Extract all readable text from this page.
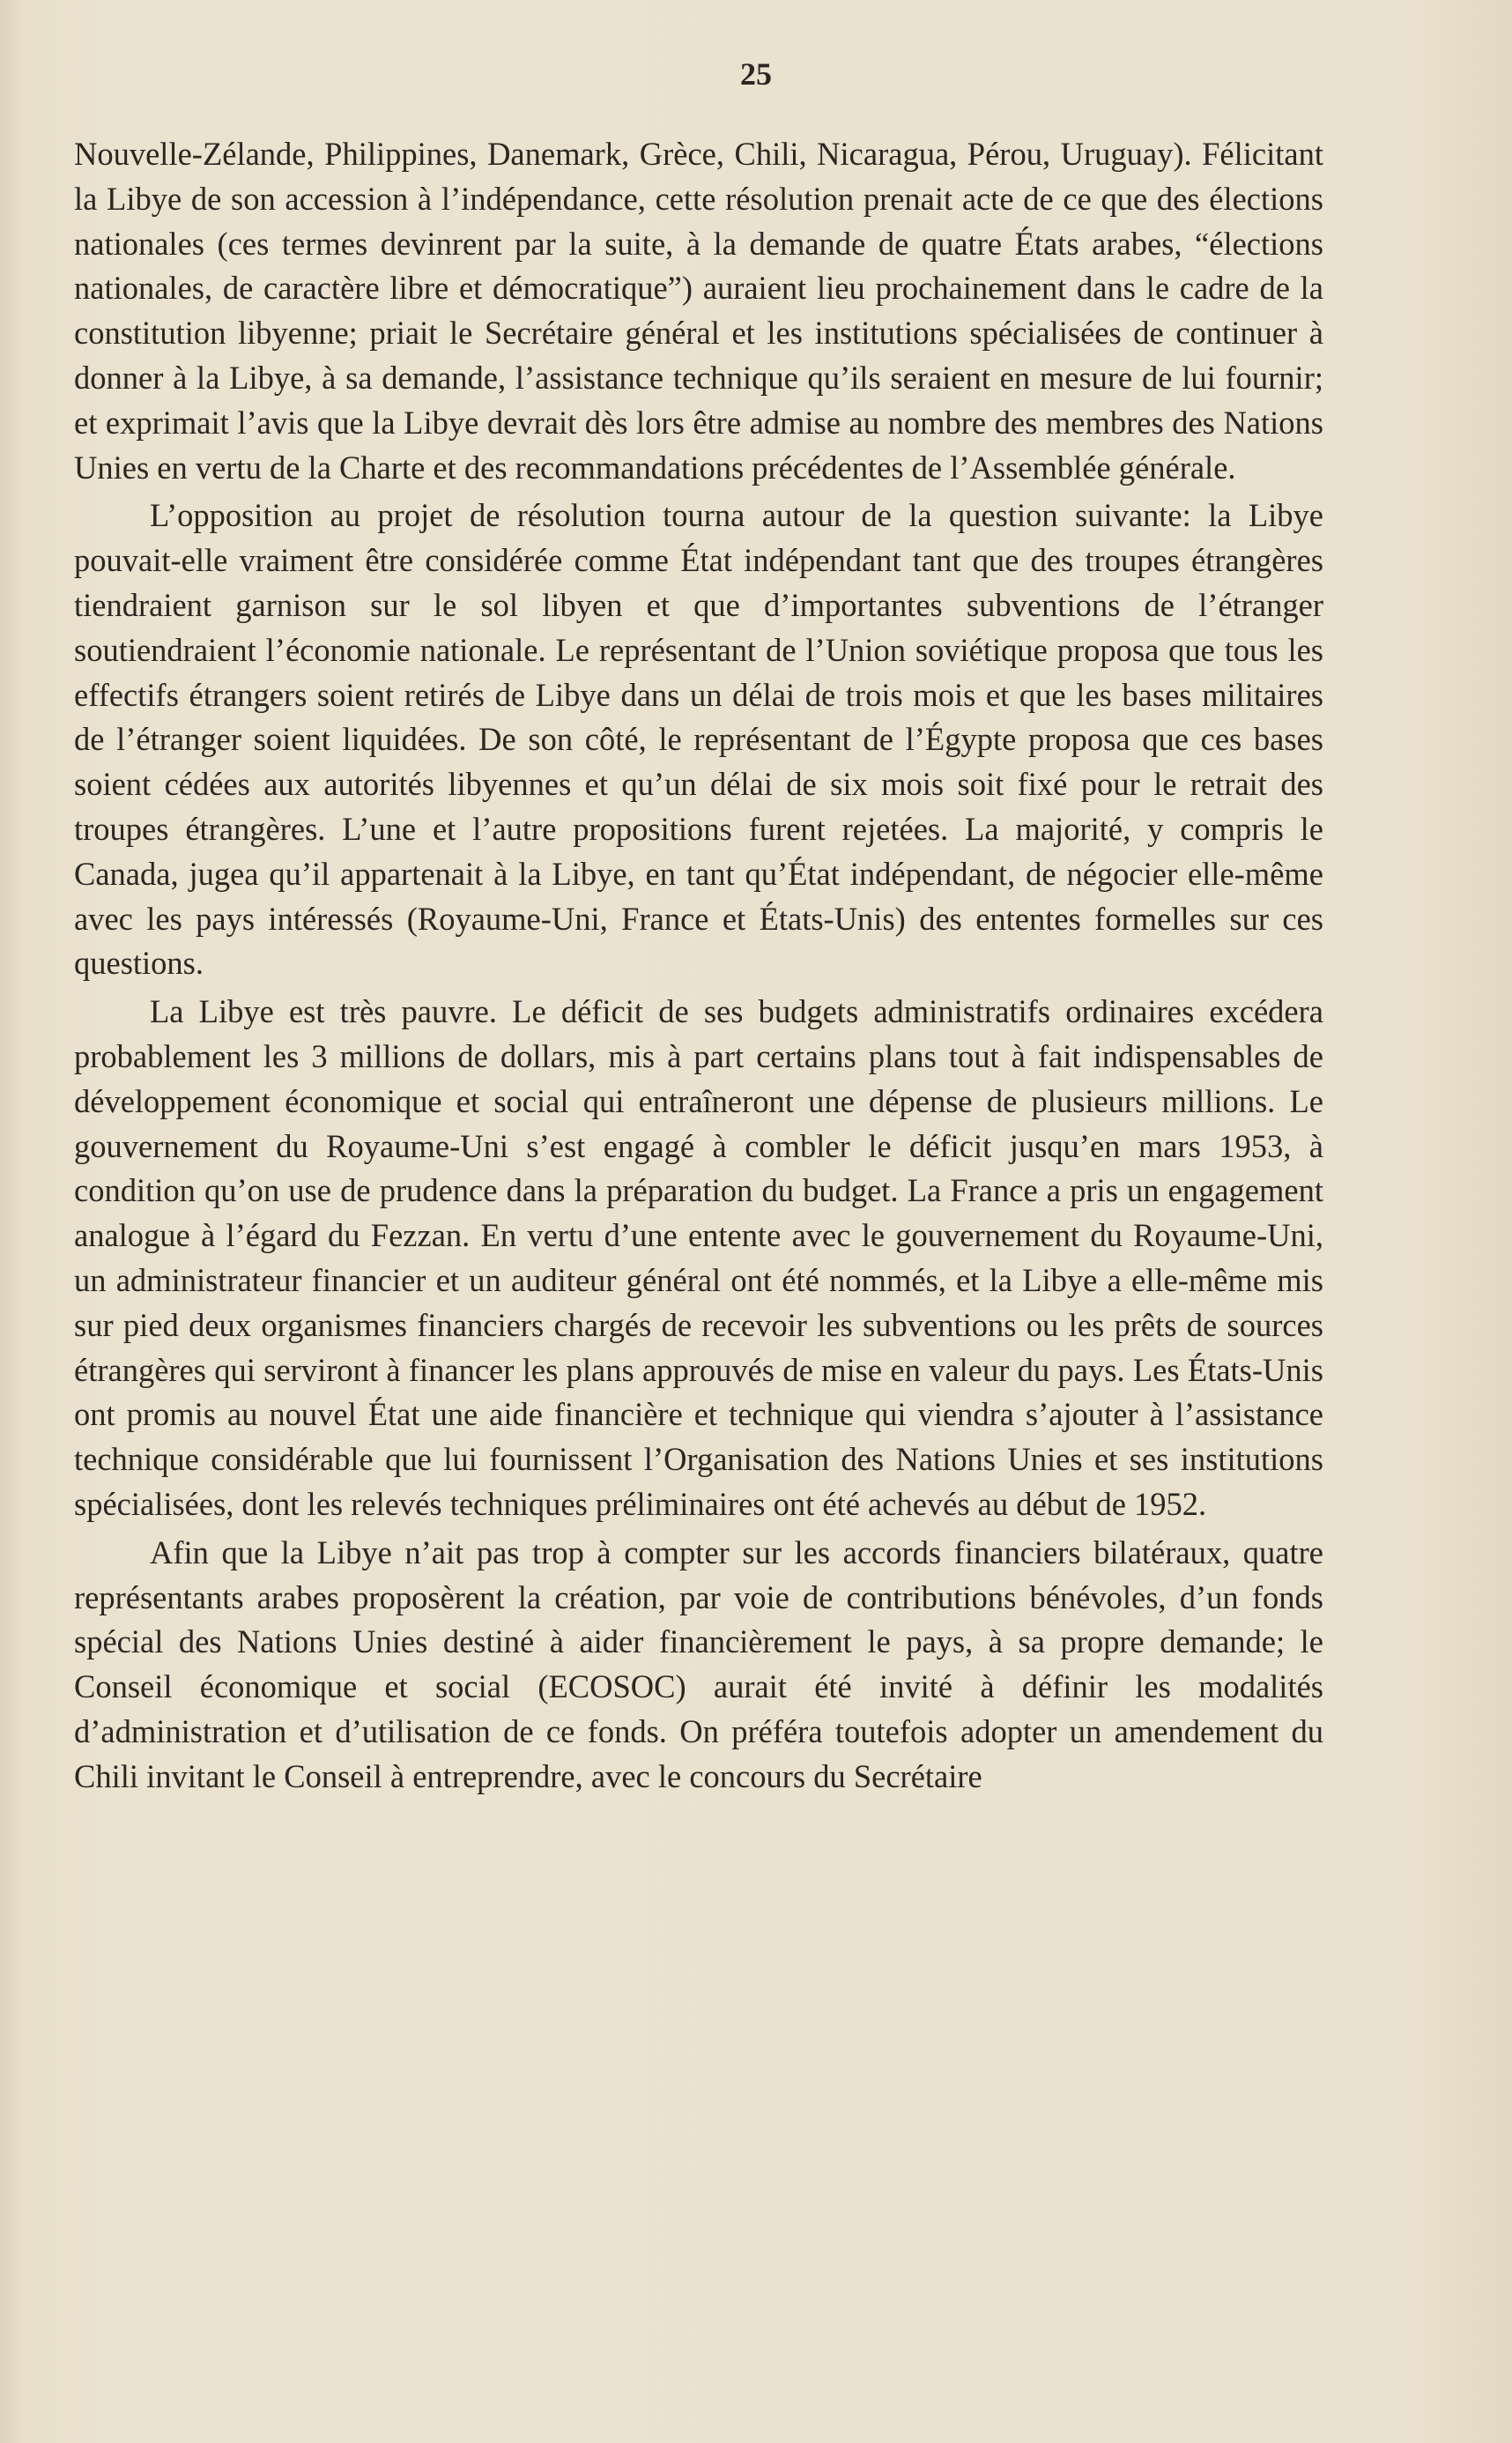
25

Nouvelle-Zélande, Philippines, Danemark, Grèce, Chili, Nicaragua, Pérou, Uruguay). Félicitant la Libye de son accession à l’indépendance, cette résolution prenait acte de ce que des élections nationales (ces termes devinrent par la suite, à la demande de quatre États arabes, “élections nationales, de caractère libre et démocratique”) auraient lieu prochainement dans le cadre de la constitution libyenne; priait le Secrétaire général et les institutions spécialisées de continuer à donner à la Libye, à sa demande, l’assistance technique qu’ils seraient en mesure de lui fournir; et exprimait l’avis que la Libye devrait dès lors être admise au nombre des membres des Nations Unies en vertu de la Charte et des recommandations précédentes de l’Assemblée générale.

L’opposition au projet de résolution tourna autour de la question suivante: la Libye pouvait-elle vraiment être considérée comme État indépendant tant que des troupes étrangères tiendraient garnison sur le sol libyen et que d’importantes subventions de l’étranger soutiendraient l’économie nationale. Le représentant de l’Union soviétique proposa que tous les effectifs étrangers soient retirés de Libye dans un délai de trois mois et que les bases militaires de l’étranger soient liquidées. De son côté, le représentant de l’Égypte proposa que ces bases soient cédées aux autorités libyennes et qu’un délai de six mois soit fixé pour le retrait des troupes étrangères. L’une et l’autre propositions furent rejetées. La majorité, y compris le Canada, jugea qu’il appartenait à la Libye, en tant qu’État indépendant, de négocier elle-même avec les pays intéressés (Royaume-Uni, France et États-Unis) des ententes formelles sur ces questions.

La Libye est très pauvre. Le déficit de ses budgets administratifs ordinaires excédera probablement les 3 millions de dollars, mis à part certains plans tout à fait indispensables de développement économique et social qui entraîneront une dépense de plusieurs millions. Le gouvernement du Royaume-Uni s’est engagé à combler le déficit jusqu’en mars 1953, à condition qu’on use de prudence dans la préparation du budget. La France a pris un engagement analogue à l’égard du Fezzan. En vertu d’une entente avec le gouvernement du Royaume-Uni, un administrateur financier et un auditeur général ont été nommés, et la Libye a elle-même mis sur pied deux organismes financiers chargés de recevoir les subventions ou les prêts de sources étrangères qui serviront à financer les plans approuvés de mise en valeur du pays. Les États-Unis ont promis au nouvel État une aide financière et technique qui viendra s’ajouter à l’assistance technique considérable que lui fournissent l’Organisation des Nations Unies et ses institutions spécialisées, dont les relevés techniques préliminaires ont été achevés au début de 1952.

Afin que la Libye n’ait pas trop à compter sur les accords financiers bilatéraux, quatre représentants arabes proposèrent la création, par voie de contributions bénévoles, d’un fonds spécial des Nations Unies destiné à aider financièrement le pays, à sa propre demande; le Conseil économique et social (ECOSOC) aurait été invité à définir les modalités d’administration et d’utilisation de ce fonds. On préféra toutefois adopter un amendement du Chili invitant le Conseil à entreprendre, avec le concours du Secrétaire
